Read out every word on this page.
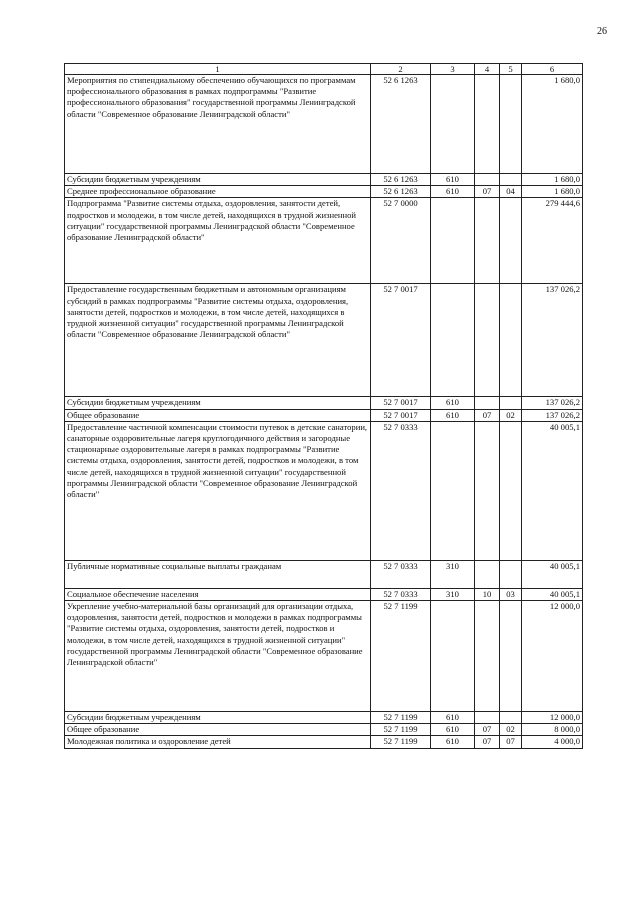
26
1	2	3	4	5	6
Мероприятия по стипендиальному обеспечению обучающихся по программам профессионального образования в рамках подпрограммы "Развитие профессионального образования" государственной программы Ленинградской области "Современное образование Ленинградской области"	52 6 1263				1 680,0
Субсидии бюджетным учреждениям	52 6 1263	610			1 680,0
Среднее профессиональное образование	52 6 1263	610	07	04	1 680,0
Подпрограмма "Развитие системы отдыха, оздоровления, занятости детей, подростков и молодежи, в том числе детей, находящихся в трудной жизненной ситуации" государственной программы Ленинградской области "Современное образование Ленинградской области"	52 7 0000				279 444,6
Предоставление государственным бюджетным и автономным организациям субсидий в рамках подпрограммы "Развитие системы отдыха, оздоровления, занятости детей, подростков и молодежи, в том числе детей, находящихся в трудной жизненной ситуации" государственной программы Ленинградской области "Современное образование Ленинградской области"	52 7 0017				137 026,2
Субсидии бюджетным учреждениям	52 7 0017	610			137 026,2
Общее образование	52 7 0017	610	07	02	137 026,2
Предоставление частичной компенсации стоимости путевок в детские санатории, санаторные оздоровительные лагеря круглогодичного действия и загородные стационарные оздоровительные лагеря в рамках подпрограммы "Развитие системы отдыха, оздоровления, занятости детей, подростков и молодежи, в том числе детей, находящихся в трудной жизненной ситуации" государственной программы Ленинградской области "Современное образование Ленинградской области"	52 7 0333				40 005,1
Публичные нормативные социальные выплаты гражданам	52 7 0333	310			40 005,1
Социальное обеспечение населения	52 7 0333	310	10	03	40 005,1
Укрепление учебно-материальной базы организаций для организации отдыха, оздоровления, занятости детей, подростков и молодежи в рамках подпрограммы "Развитие системы отдыха, оздоровления, занятости детей, подростков и молодежи, в том числе детей, находящихся в трудной жизненной ситуации" государственной программы Ленинградской области "Современное образование Ленинградской области"	52 7 1199				12 000,0
Субсидии бюджетным учреждениям	52 7 1199	610			12 000,0
Общее образование	52 7 1199	610	07	02	8 000,0
Молодежная политика и оздоровление детей	52 7 1199	610	07	07	4 000,0
